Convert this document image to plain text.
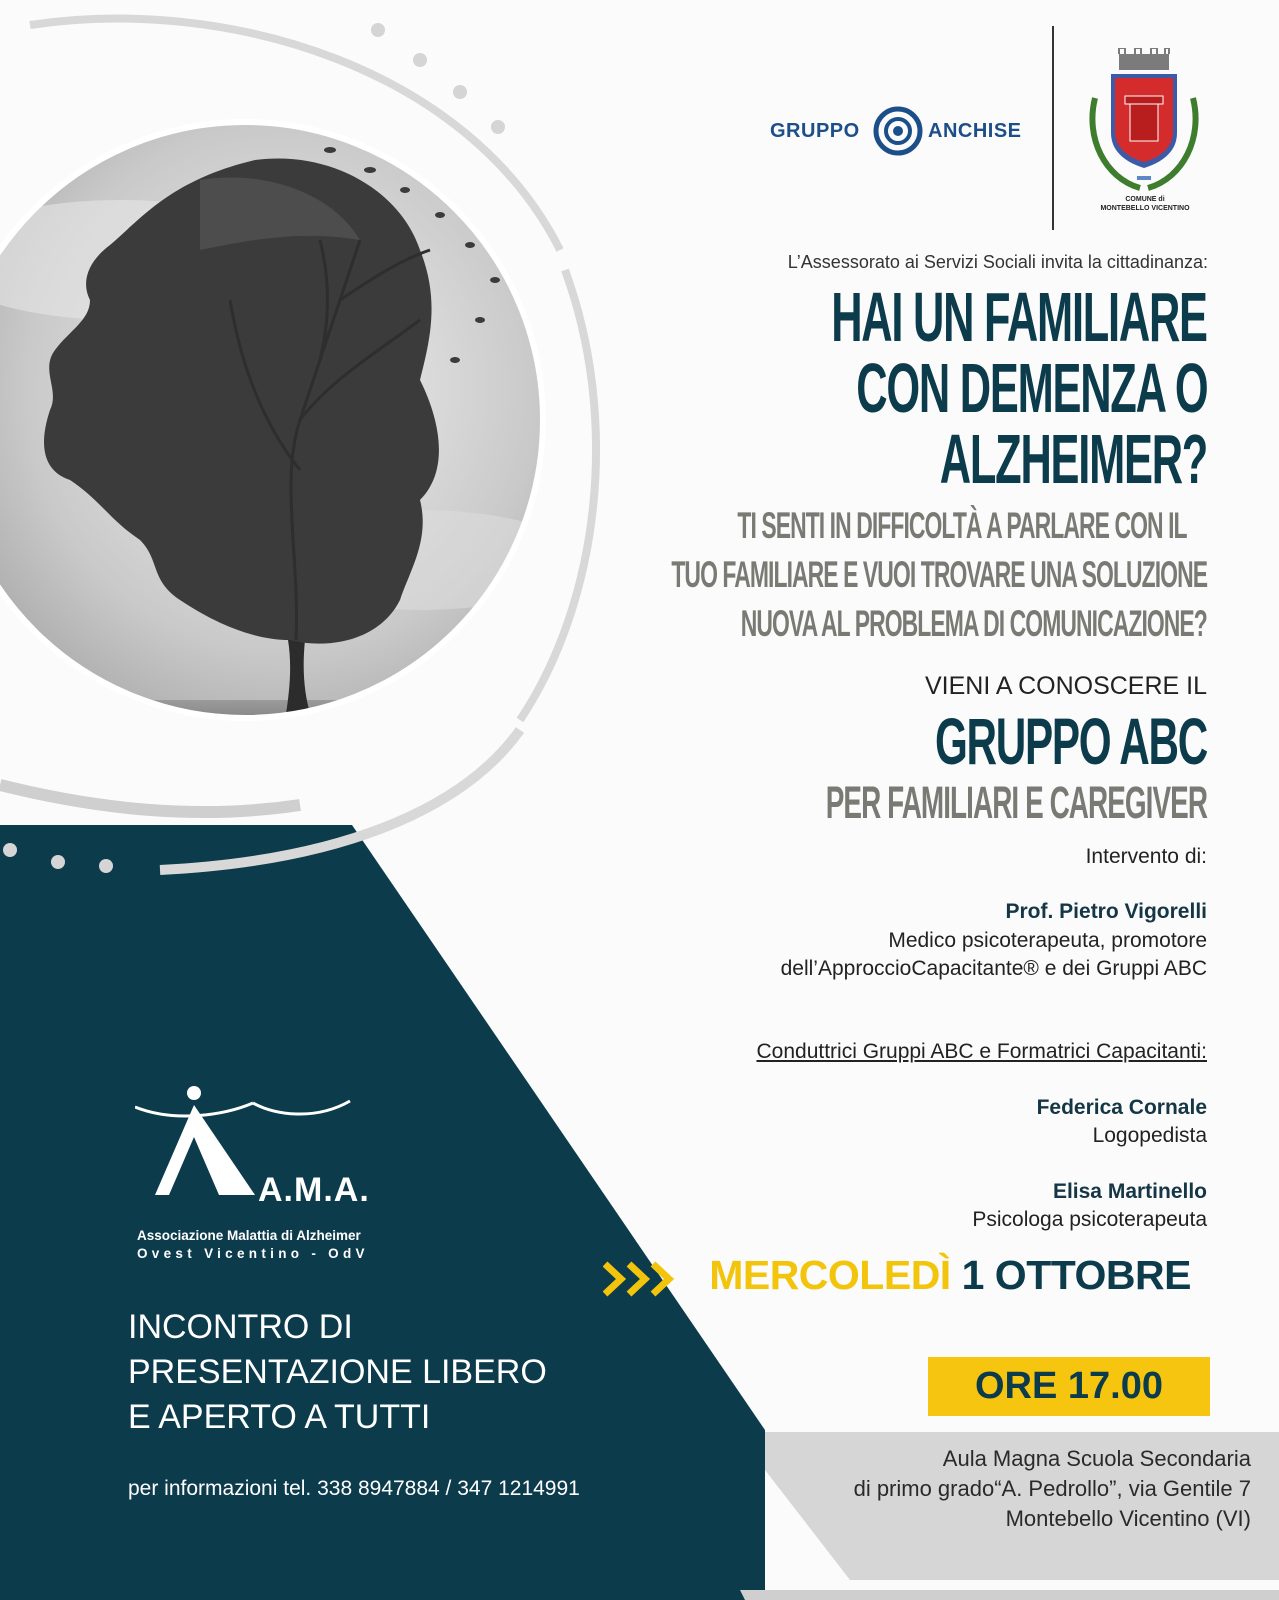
GRUPPO	ANCHISE
COMUNE di
MONTEBELLO VICENTINO
L’Assessorato ai Servizi Sociali invita la cittadinanza:
HAI UN FAMILIARE
CON DEMENZA O
ALZHEIMER?
TI SENTI IN DIFFICOLTÀ A PARLARE CON IL
TUO FAMILIARE E VUOI TROVARE UNA SOLUZIONE
NUOVA AL PROBLEMA DI COMUNICAZIONE?
VIENI A CONOSCERE IL
GRUPPO ABC
PER FAMILIARI E CAREGIVER
Intervento di:
Prof. Pietro Vigorelli
Medico psicoterapeuta, promotore
dell’ApproccioCapacitante® e dei Gruppi ABC
Conduttrici Gruppi ABC e Formatrici Capacitanti:
Federica Cornale
Logopedista
Elisa Martinello
Psicologa psicoterapeuta
MERCOLEDÌ 1 OTTOBRE
ORE 17.00
A.M.A.
Associazione Malattia di Alzheimer
Ovest Vicentino - OdV
INCONTRO DI
PRESENTAZIONE LIBERO
E APERTO A TUTTI
per informazioni tel. 338 8947884 / 347 1214991
Aula Magna Scuola Secondaria
di primo grado“A. Pedrollo”, via Gentile 7
Montebello Vicentino (VI)
